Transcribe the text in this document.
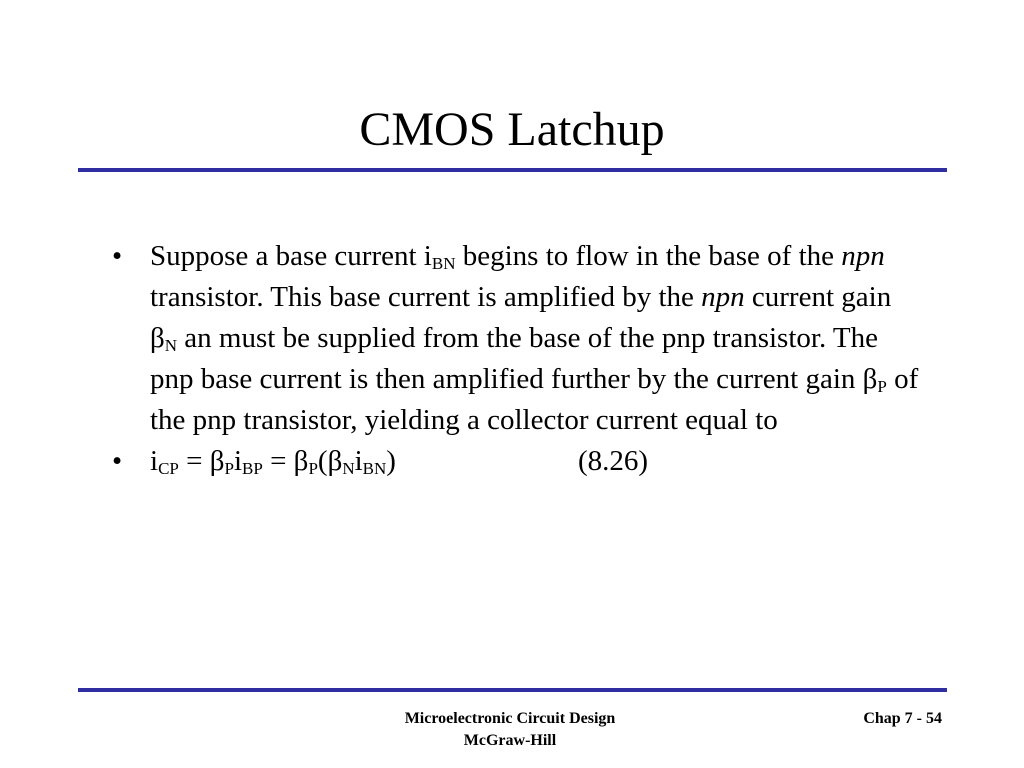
CMOS Latchup
• Suppose a base current $i_{BN}$ begins to flow in the base of the npn transistor. This base current is amplified by the npn current gain $\beta_N$ an must be supplied from the base of the pnp transistor. The pnp base current is then amplified further by the current gain $\beta_P$ of the pnp transistor, yielding a collector current equal to
• $i_{CP} = \beta_Pi_{BP} = \beta_P(\beta_Ni_{BN})$	(8.26)
Microelectronic Circuit Design
McGraw-Hill
Chap 7 - 54
